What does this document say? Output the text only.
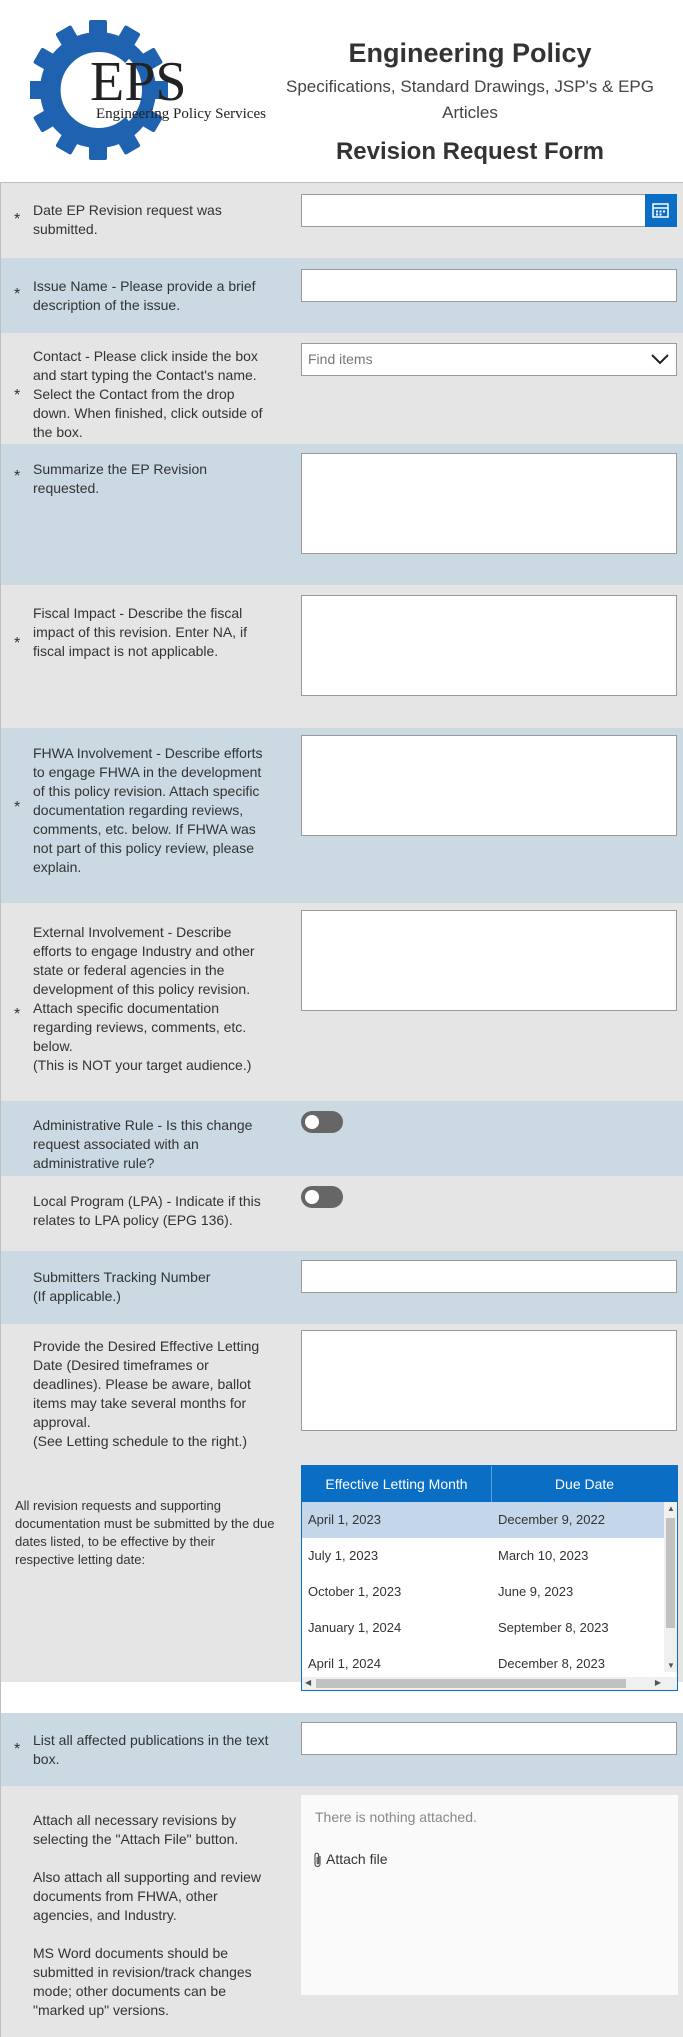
EPS
Engineering Policy Services
Engineering Policy
Specifications, Standard Drawings, JSP's & EPG Articles
Revision Request Form
*
Date EP Revision request was submitted.
* Issue Name - Please provide a brief description of the issue.
*
Contact - Please click inside the box and start typing the Contact's name. Select the Contact from the drop down. When finished, click outside of the box.
Find items
* Summarize the EP Revision requested.
*
Fiscal Impact - Describe the fiscal impact of this revision. Enter NA, if fiscal impact is not applicable.
*
FHWA Involvement - Describe efforts to engage FHWA in the development of this policy revision. Attach specific documentation regarding reviews, comments, etc. below. If FHWA was not part of this policy review, please explain.
*
External Involvement - Describe efforts to engage Industry and other state or federal agencies in the development of this policy revision. Attach specific documentation regarding reviews, comments, etc. below.
(This is NOT your target audience.)
Administrative Rule - Is this change request associated with an administrative rule?
Local Program (LPA) - Indicate if this relates to LPA policy (EPG 136).
Submitters Tracking Number
(If applicable.)
Provide the Desired Effective Letting Date (Desired timeframes or deadlines). Please be aware, ballot items may take several months for approval.
(See Letting schedule to the right.)
All revision requests and supporting documentation must be submitted by the due dates listed, to be effective by their respective letting date:
Effective Letting Month	Due Date
April 1, 2023	December 9, 2022
July 1, 2023	March 10, 2023
October 1, 2023	June 9, 2023
January 1, 2024	September 8, 2023
April 1, 2024	December 8, 2023
▲
▼
◀	▶
*
List all affected publications in the text box.
Attach all necessary revisions by selecting the "Attach File" button.

Also attach all supporting and review documents from FHWA, other agencies, and Industry.

MS Word documents should be submitted in revision/track changes mode; other documents can be "marked up" versions.
There is nothing attached.
Attach file
